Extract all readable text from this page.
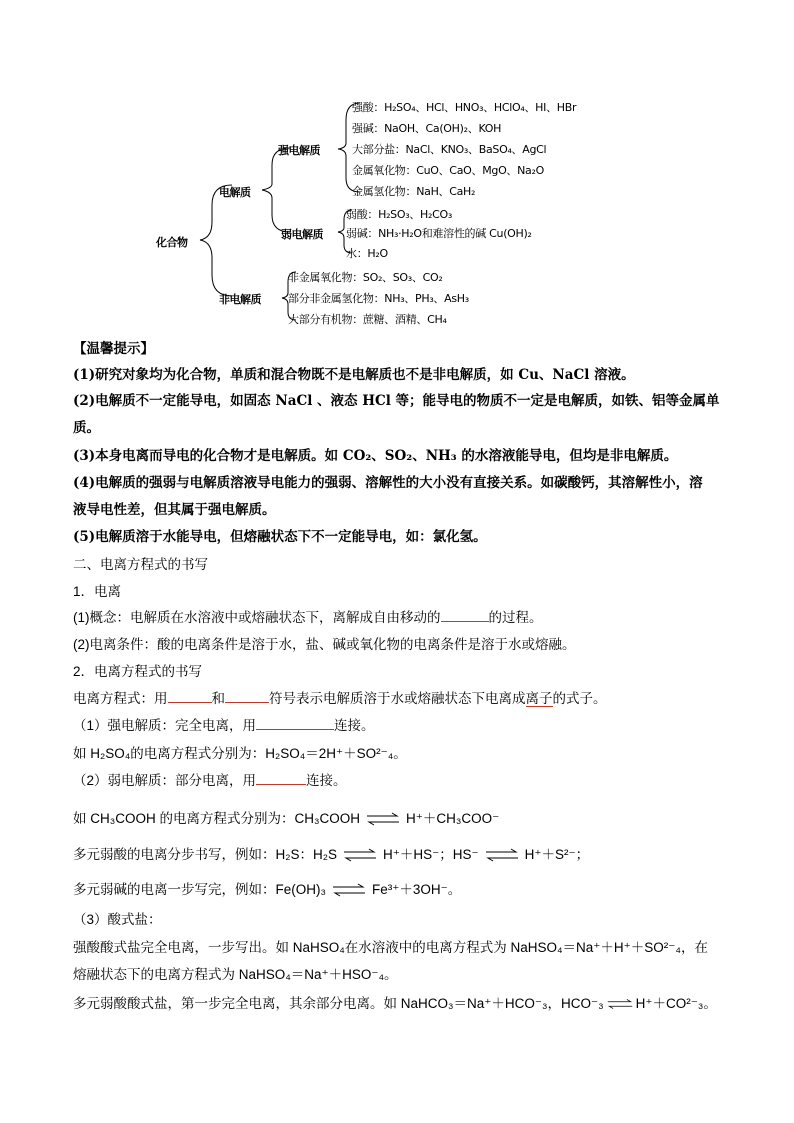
化合物
电解质
非电解质
强电解质
弱电解质
强酸：H₂SO₄、HCl、HNO₃、HClO₄、HI、HBr
强碱：NaOH、Ca(OH)₂、KOH
大部分盐：NaCl、KNO₃、BaSO₄、AgCl
金属氧化物：CuO、CaO、MgO、Na₂O
金属氢化物：NaH、CaH₂
弱酸：H₂SO₃、H₂CO₃
弱碱：NH₃·H₂O和难溶性的碱 Cu(OH)₂
水：H₂O
非金属氧化物：SO₂、SO₃、CO₂
部分非金属氢化物：NH₃、PH₃、AsH₃
大部分有机物：蔗糖、酒精、CH₄
【温馨提示】
(1)研究对象均为化合物，单质和混合物既不是电解质也不是非电解质，如 Cu、NaCl 溶液。
(2)电解质不一定能导电，如固态 NaCl 、液态 HCl 等；能导电的物质不一定是电解质，如铁、铝等金属单
质。
(3)本身电离而导电的化合物才是电解质。如 CO₂、SO₂、NH₃ 的水溶液能导电，但均是非电解质。
(4)电解质的强弱与电解质溶液导电能力的强弱、溶解性的大小没有直接关系。如碳酸钙，其溶解性小，溶
液导电性差，但其属于强电解质。
(5)电解质溶于水能导电，但熔融状态下不一定能导电，如：氯化氢。
二、电离方程式的书写
1．电离
(1)概念：电解质在水溶液中或熔融状态下，离解成自由移动的	的过程。
(2)电离条件：酸的电离条件是溶于水，盐、碱或氧化物的电离条件是溶于水或熔融。
2．电离方程式的书写
电离方程式：用	和	符号表示电解质溶于水或熔融状态下电离成离子的式子。
（1）强电解质：完全电离，用	连接。
如 H₂SO₄的电离方程式分别为：H₂SO₄＝2H⁺＋SO²⁻₄。
（2）弱电解质：部分电离，用	连接。
如 CH₃COOH 的电离方程式分别为：CH₃COOH ⇌ H⁺＋CH₃COO⁻
多元弱酸的电离分步书写，例如：H₂S：H₂S ⇌ H⁺＋HS⁻；HS⁻ ⇌ H⁺＋S²⁻；
多元弱碱的电离一步写完，例如：Fe(OH)₃ ⇌ Fe³⁺＋3OH⁻。
（3）酸式盐：
强酸酸式盐完全电离，一步写出。如 NaHSO₄在水溶液中的电离方程式为 NaHSO₄＝Na⁺＋H⁺＋SO²⁻₄，在
熔融状态下的电离方程式为 NaHSO₄＝Na⁺＋HSO⁻₄。
多元弱酸酸式盐，第一步完全电离，其余部分电离。如 NaHCO₃＝Na⁺＋HCO⁻₃，HCO⁻₃ ⇌ H⁺＋CO²⁻₃。
